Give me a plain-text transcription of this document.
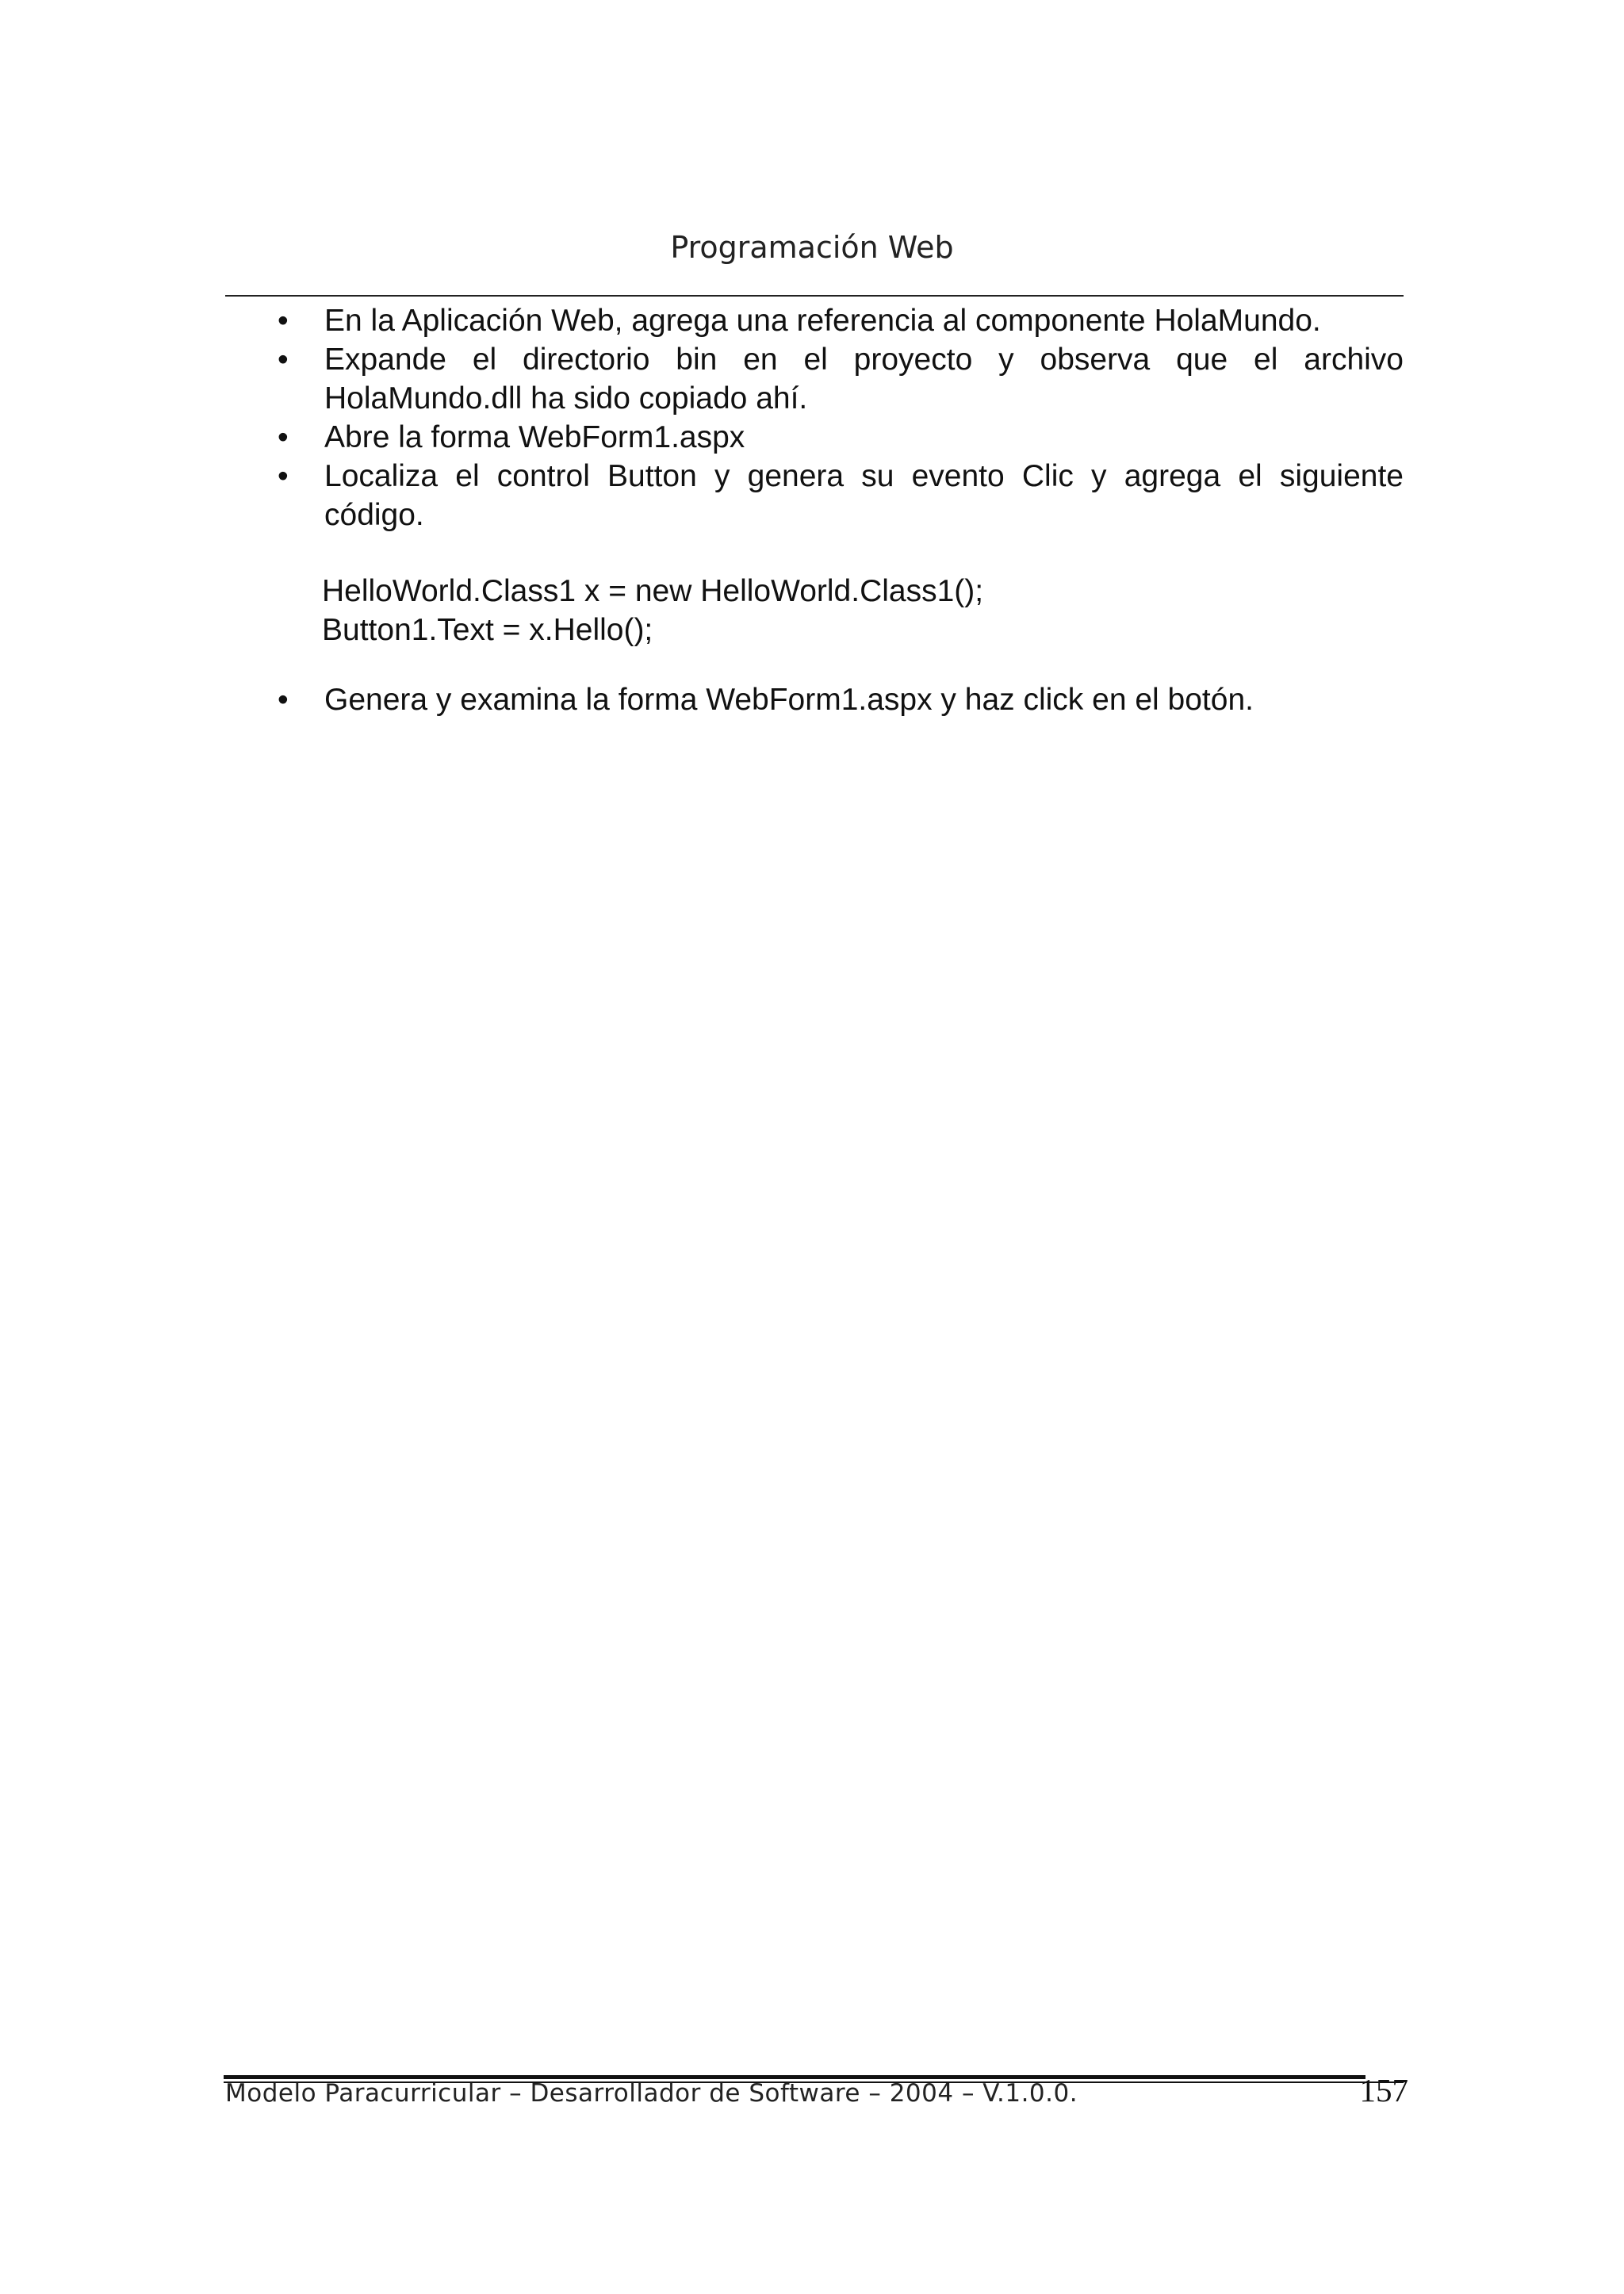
Programación Web
•	En la Aplicación Web, agrega una referencia al componente HolaMundo.
•	Expande el directorio bin en el proyecto y observa que el archivo HolaMundo.dll ha sido copiado ahí.
•	Abre la forma WebForm1.aspx
•	Localiza el control Button y genera su evento Clic y agrega el siguiente código.
HelloWorld.Class1 x = new HelloWorld.Class1();
Button1.Text = x.Hello();
•	Genera y examina la forma WebForm1.aspx y haz click en el botón.
Modelo Paracurricular – Desarrollador de Software – 2004 – V.1.0.0.	157
